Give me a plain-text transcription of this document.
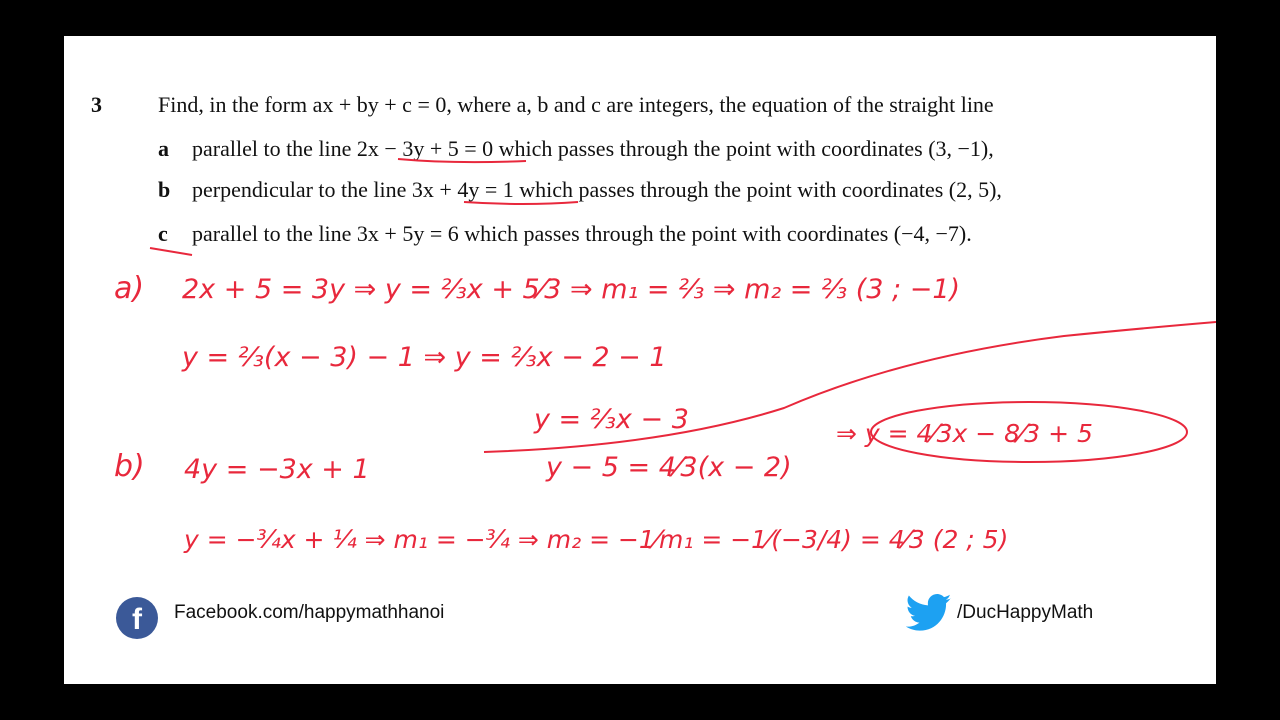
3	Find, in the form ax + by + c = 0, where a, b and c are integers, the equation of the straight line
a parallel to the line 2x − 3y + 5 = 0 which passes through the point with coordinates (3, −1),
b perpendicular to the line 3x + 4y = 1 which passes through the point with coordinates (2, 5),
c parallel to the line 3x + 5y = 6 which passes through the point with coordinates (−4, −7).
a) 2x + 5 = 3y ⇒ y = ⅔x + 5⁄3 ⇒ m₁ = ⅔ ⇒ m₂ = ⅔ (3 ; −1)
y = ⅔(x − 3) − 1 ⇒ y = ⅔x − 2 − 1
y = ⅔x − 3
b) 4y = −3x + 1	y − 5 = 4⁄3(x − 2)
⇒ y = 4⁄3x − 8⁄3 + 5
y = −¾x + ¼ ⇒ m₁ = −¾ ⇒ m₂ = −1⁄m₁ = −1⁄(−3/4) = 4⁄3 (2 ; 5)
f	Facebook.com/happymathhanoi	/DucHappyMath
